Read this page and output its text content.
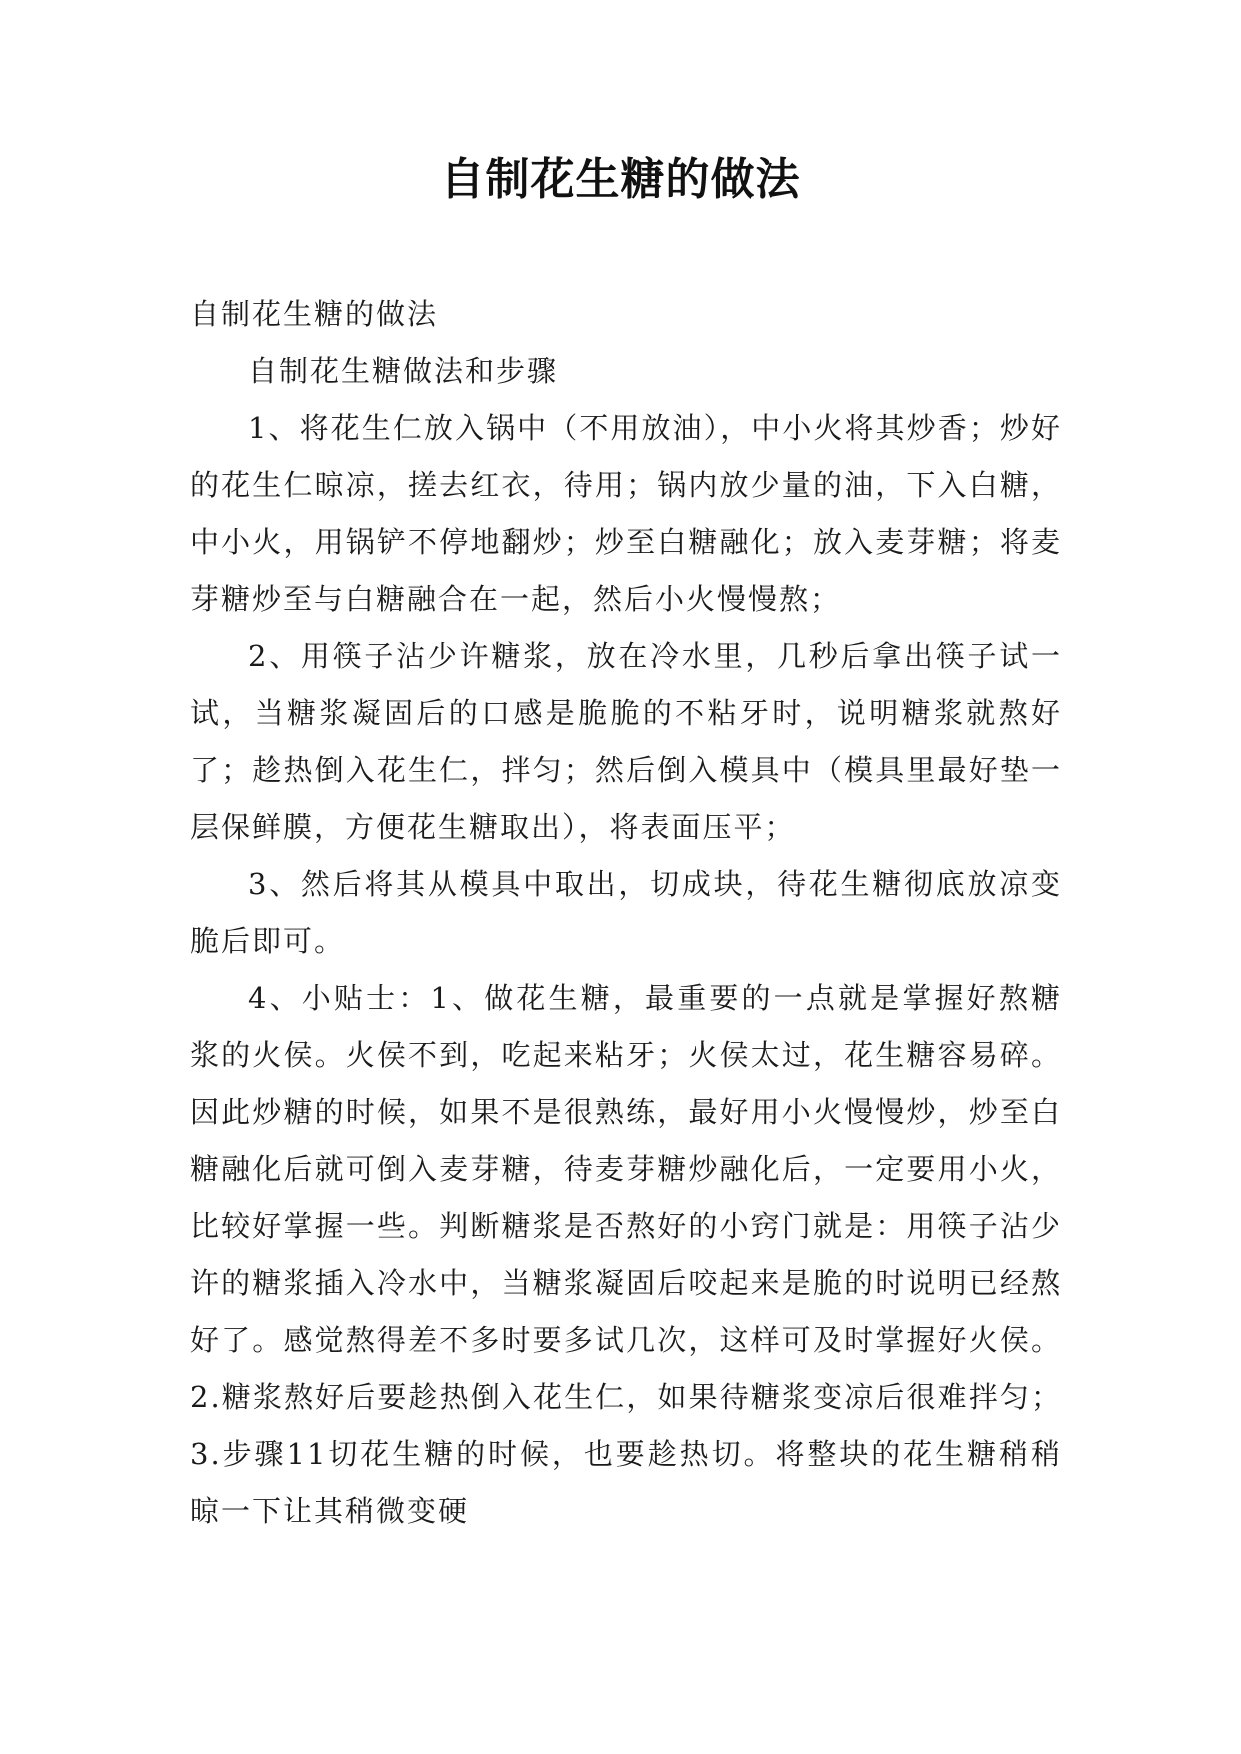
自制花生糖的做法

自制花生糖的做法

自制花生糖做法和步骤

1、将花生仁放入锅中（不用放油），中小火将其炒香；炒好的花生仁晾凉，搓去红衣，待用；锅内放少量的油，下入白糖，中小火，用锅铲不停地翻炒；炒至白糖融化；放入麦芽糖；将麦芽糖炒至与白糖融合在一起，然后小火慢慢熬；

2、用筷子沾少许糖浆，放在冷水里，几秒后拿出筷子试一试，当糖浆凝固后的口感是脆脆的不粘牙时，说明糖浆就熬好了；趁热倒入花生仁，拌匀；然后倒入模具中（模具里最好垫一层保鲜膜，方便花生糖取出），将表面压平；

3、然后将其从模具中取出，切成块，待花生糖彻底放凉变脆后即可。

4、小贴士：1、做花生糖，最重要的一点就是掌握好熬糖浆的火侯。火侯不到，吃起来粘牙；火侯太过，花生糖容易碎。因此炒糖的时候，如果不是很熟练，最好用小火慢慢炒，炒至白糖融化后就可倒入麦芽糖，待麦芽糖炒融化后，一定要用小火，比较好掌握一些。判断糖浆是否熬好的小窍门就是：用筷子沾少许的糖浆插入冷水中，当糖浆凝固后咬起来是脆的时说明已经熬好了。感觉熬得差不多时要多试几次，这样可及时掌握好火侯。2.糖浆熬好后要趁热倒入花生仁，如果待糖浆变凉后很难拌匀；3.步骤11切花生糖的时候，也要趁热切。将整块的花生糖稍稍晾一下让其稍微变硬
